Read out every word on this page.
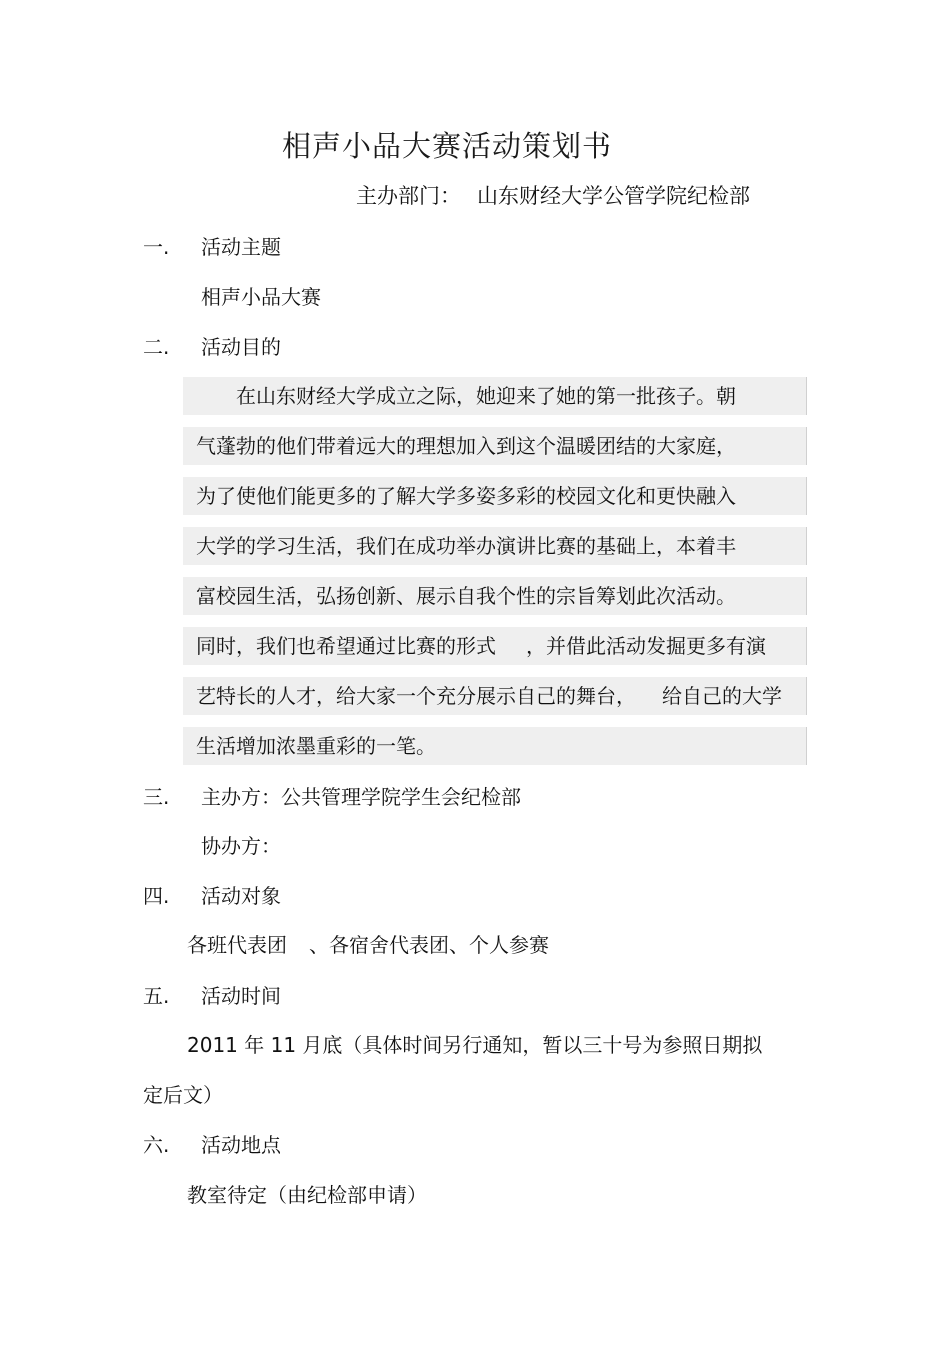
相声小品大赛活动策划书
主办部门： 山东财经大学公管学院纪检部
一. 活动主题
相声小品大赛
二. 活动目的
在山东财经大学成立之际，她迎来了她的第一批孩子。朝
气蓬勃的他们带着远大的理想加入到这个温暖团结的大家庭，
为了使他们能更多的了解大学多姿多彩的校园文化和更快融入
大学的学习生活，我们在成功举办演讲比赛的基础上，本着丰
富校园生活，弘扬创新、展示自我个性的宗旨筹划此次活动。
同时，我们也希望通过比赛的形式 ，并借此活动发掘更多有演
艺特长的人才，给大家一个充分展示自己的舞台， 给自己的大学
生活增加浓墨重彩的一笔。
三. 主办方：公共管理学院学生会纪检部
协办方：
四. 活动对象
各班代表团 、各宿舍代表团、个人参赛
五. 活动时间
2011 年 11 月底（具体时间另行通知，暂以三十号为参照日期拟
定后文）
六. 活动地点
教室待定（由纪检部申请）
